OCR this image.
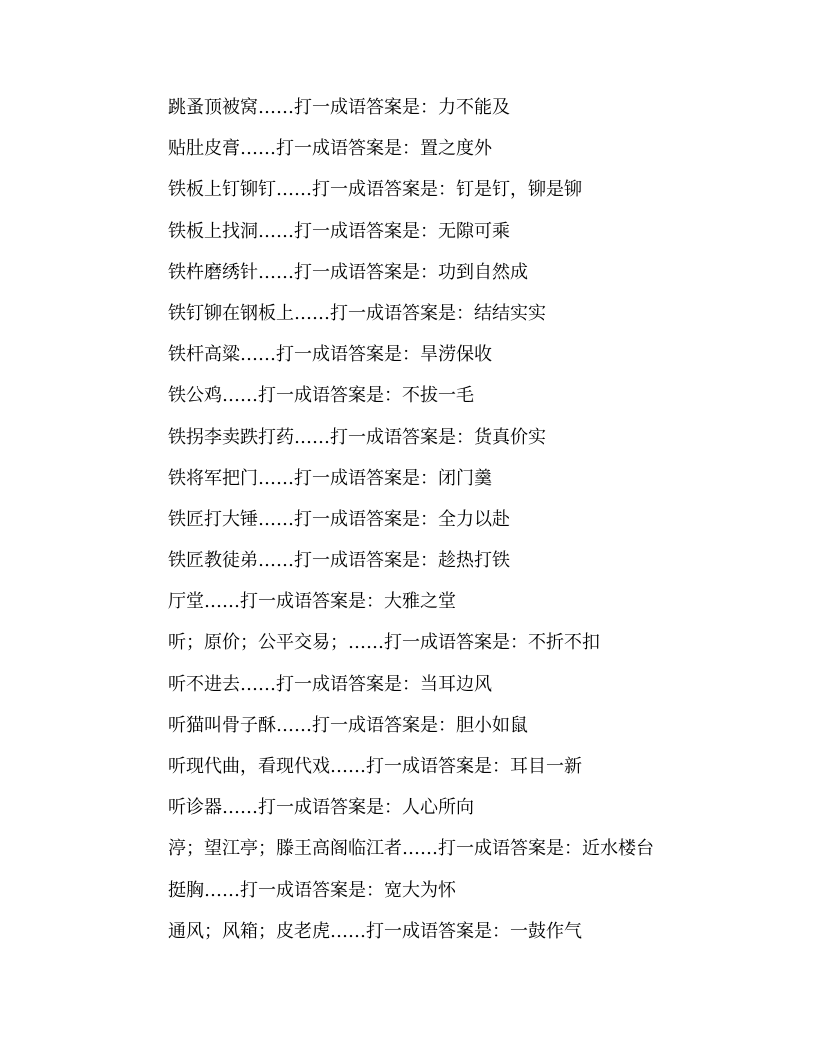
跳蚤顶被窝……打一成语答案是：力不能及
贴肚皮膏……打一成语答案是：置之度外
铁板上钉铆钉……打一成语答案是：钉是钉，铆是铆
铁板上找洞……打一成语答案是：无隙可乘
铁杵磨绣针……打一成语答案是：功到自然成
铁钉铆在钢板上……打一成语答案是：结结实实
铁杆高粱……打一成语答案是：旱涝保收
铁公鸡……打一成语答案是：不拔一毛
铁拐李卖跌打药……打一成语答案是：货真价实
铁将军把门……打一成语答案是：闭门羹
铁匠打大锤……打一成语答案是：全力以赴
铁匠教徒弟……打一成语答案是：趁热打铁
厅堂……打一成语答案是：大雅之堂
听；原价；公平交易；……打一成语答案是：不折不扣
听不进去……打一成语答案是：当耳边风
听猫叫骨子酥……打一成语答案是：胆小如鼠
听现代曲，看现代戏……打一成语答案是：耳目一新
听诊器……打一成语答案是：人心所向
渟；望江亭；滕王高阁临江者……打一成语答案是：近水楼台
挺胸……打一成语答案是：宽大为怀
通风；风箱；皮老虎……打一成语答案是：一鼓作气
